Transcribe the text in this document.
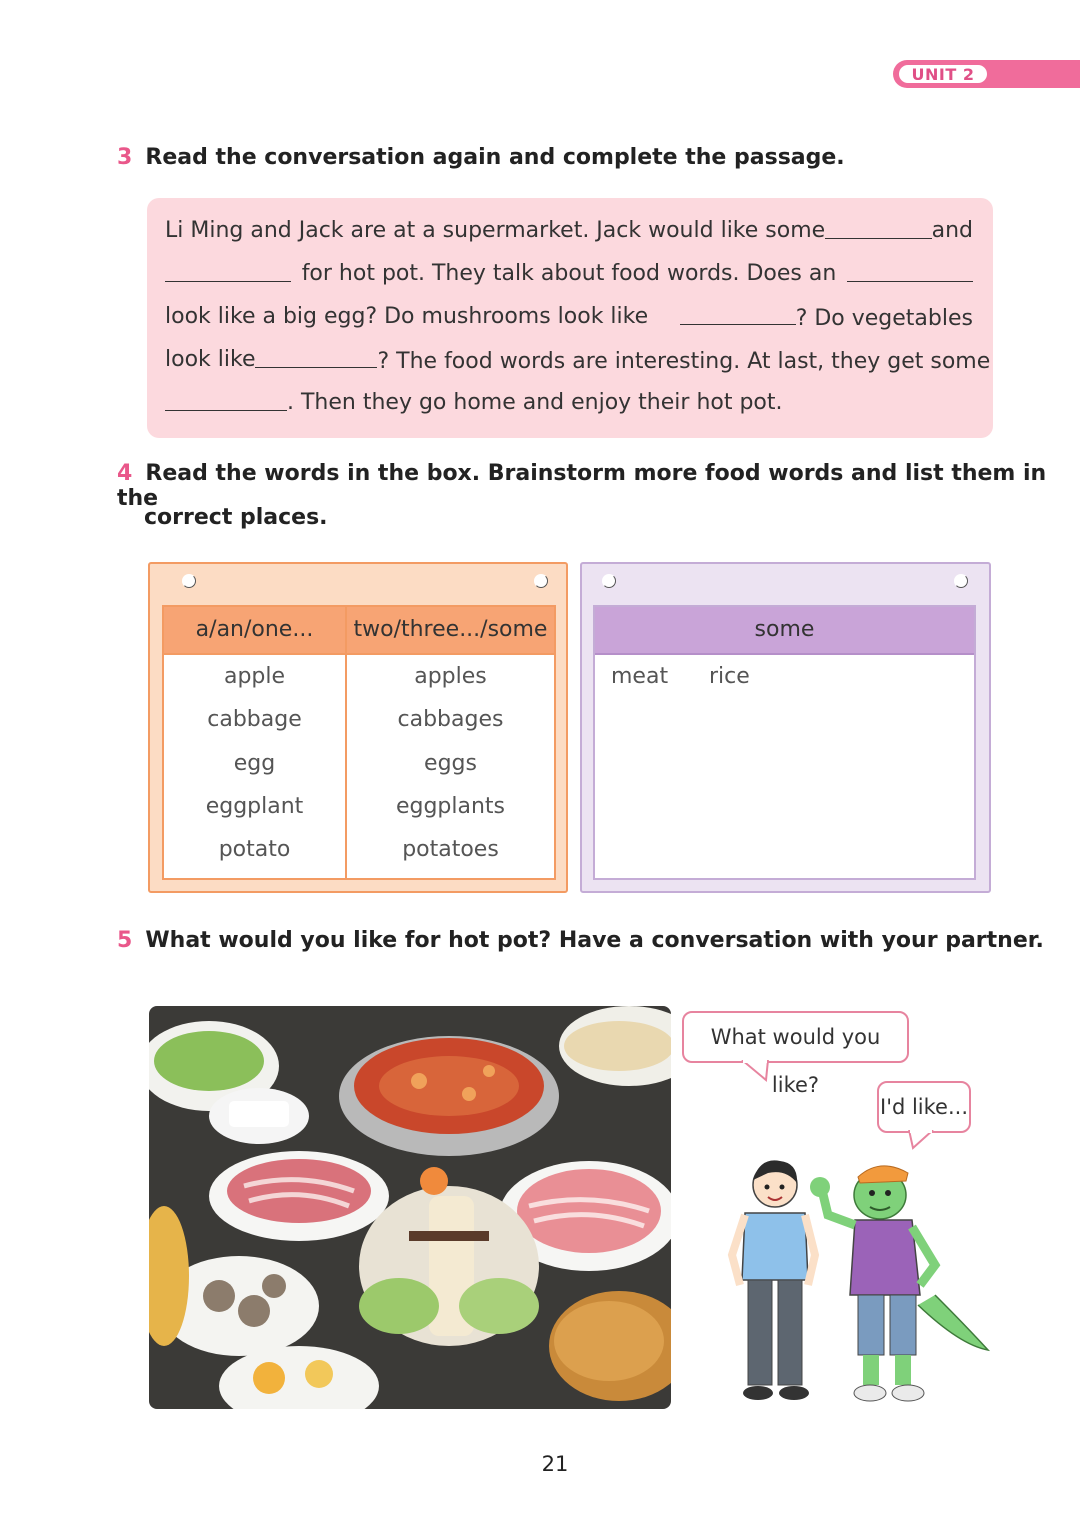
UNIT 2
3 Read the conversation again and complete the passage.
Li Ming and Jack are at a supermarket. Jack would like some	and
for hot pot. They talk about food words. Does an
look like a big egg? Do mushrooms look like	? Do vegetables
look like	? The food words are interesting. At last, they get some
. Then they go home and enjoy their hot pot.
4 Read the words in the box. Brainstorm more food words and list them in the
correct places.
a/an/one...	two/three.../some
apple	apples
cabbage	cabbages
egg	eggs
eggplant	eggplants
potato	potatoes
some
meat rice
5 What would you like for hot pot? Have a conversation with your partner.
What would you like?
I'd like...
21
